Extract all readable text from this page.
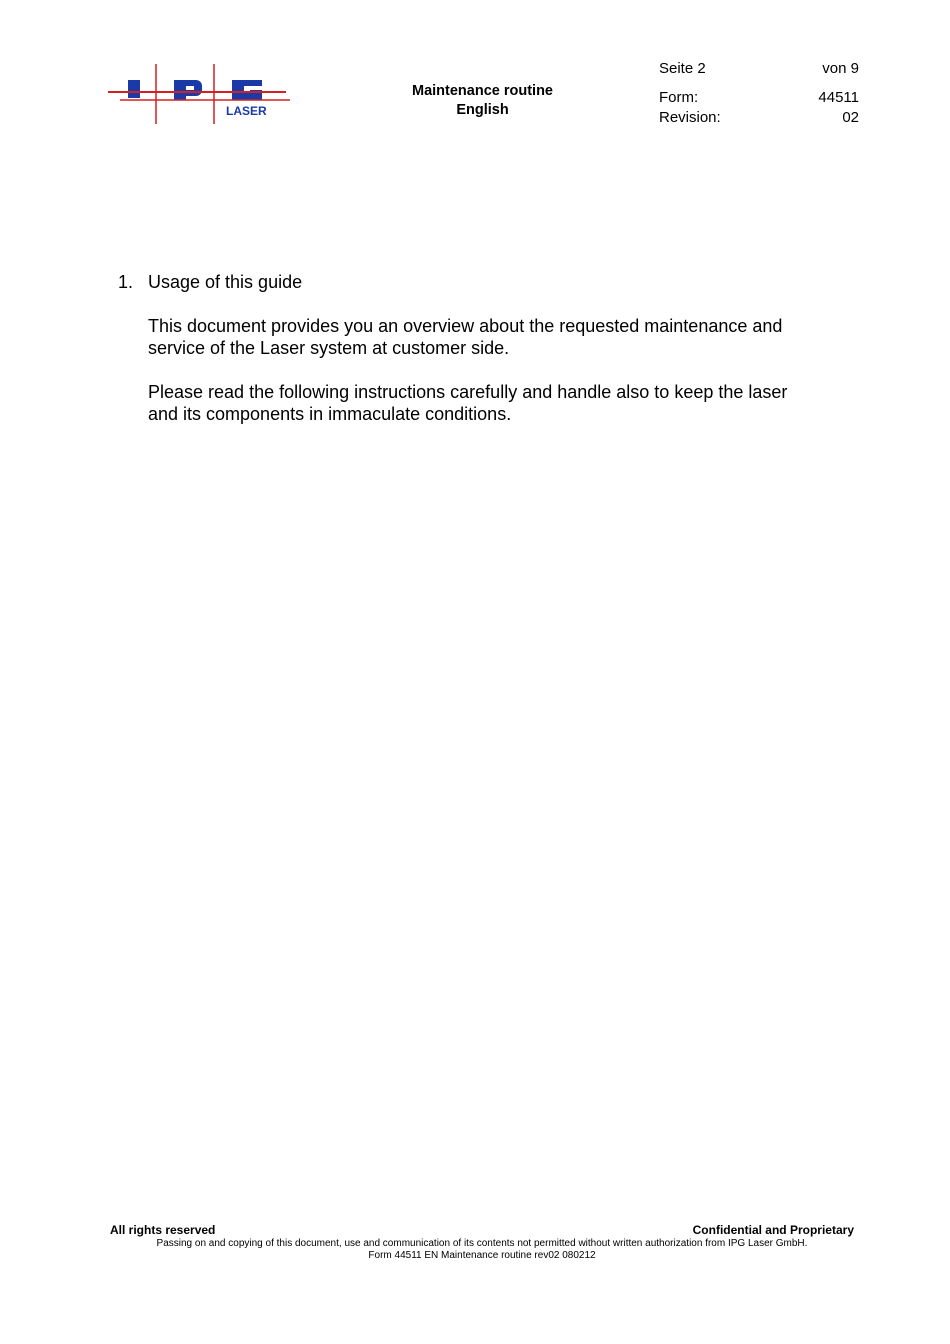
LASER
Maintenance routine
English
Seite 2	von 9
Form:	44511
Revision:	02
1. Usage of this guide
This document provides you an overview about the requested maintenance and
service of the Laser system at customer side.
Please read the following instructions carefully and handle also to keep the laser
and its components in immaculate conditions.
All rights reserved	Confidential and Proprietary
Passing on and copying of this document, use and communication of its contents not permitted without written authorization from IPG Laser GmbH.
Form 44511 EN Maintenance routine rev02 080212
